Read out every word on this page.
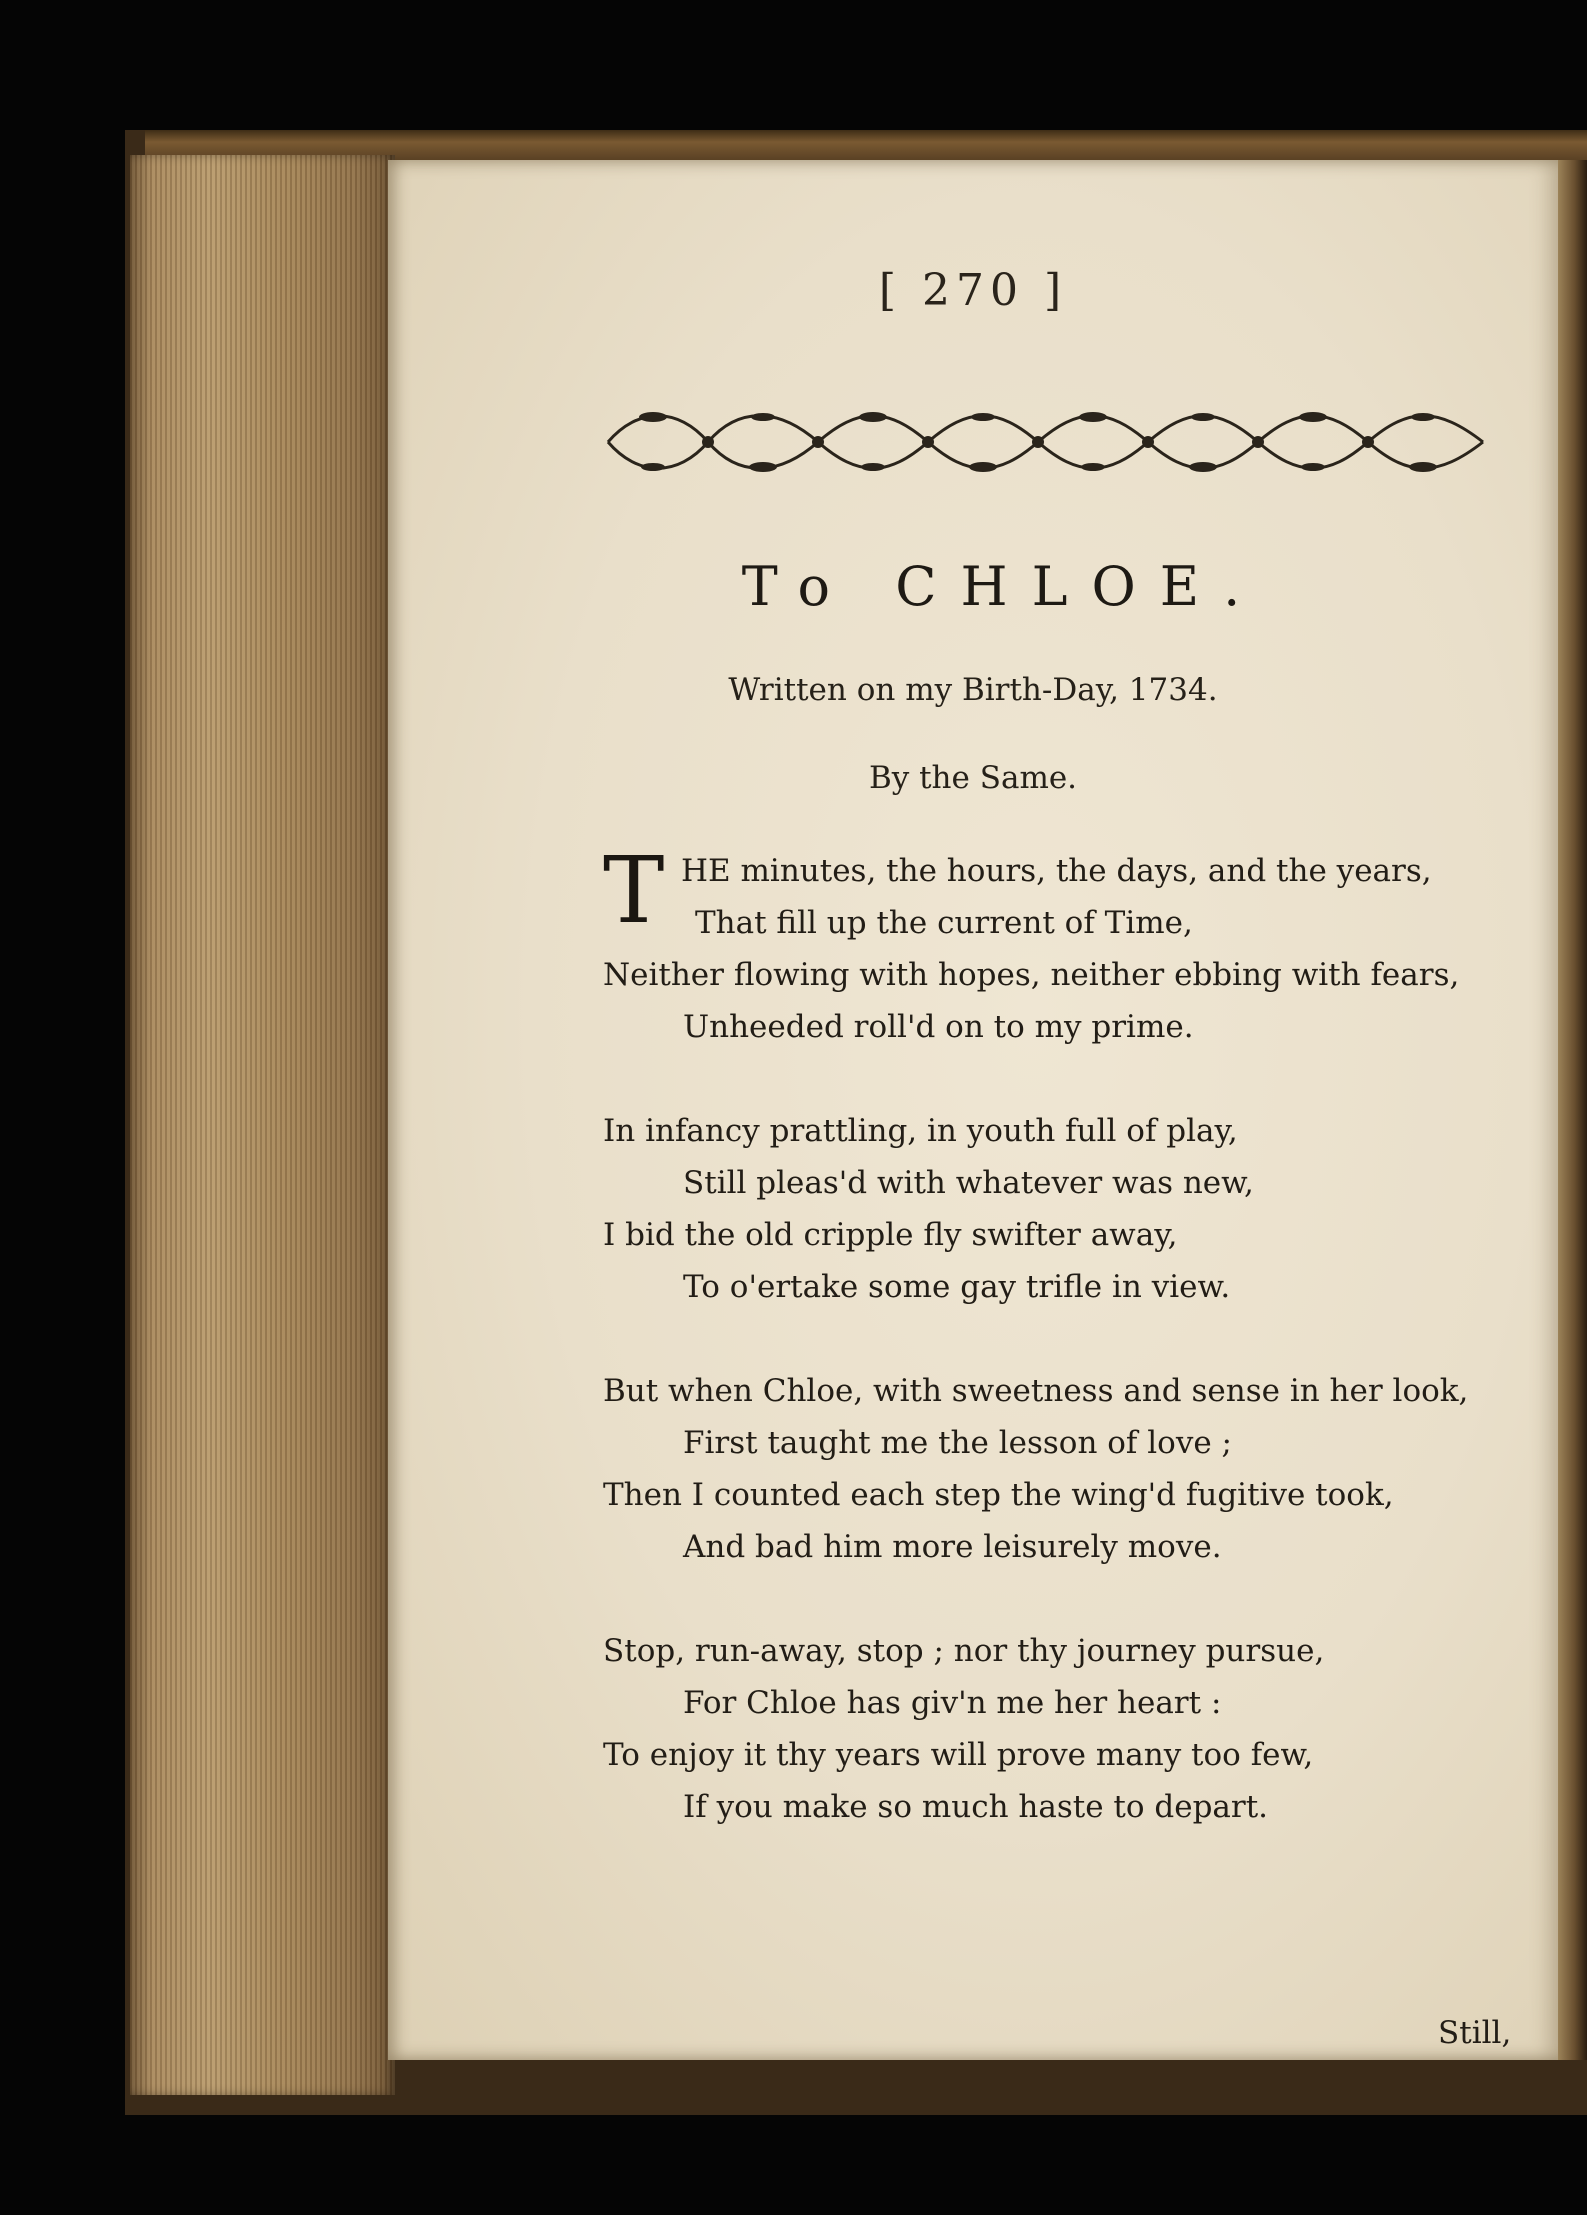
[ 270 ]
To CHLOE.
Written on my Birth-Day, 1734.
By the Same.
T HE minutes, the hours, the days, and the years,
That fill up the current of Time,
Neither flowing with hopes, neither ebbing with fears,
Unheeded roll'd on to my prime.
In infancy prattling, in youth full of play,
Still pleas'd with whatever was new,
I bid the old cripple fly swifter away,
To o'ertake some gay trifle in view.
But when Chloe, with sweetness and sense in her look,
First taught me the lesson of love ;
Then I counted each step the wing'd fugitive took,
And bad him more leisurely move.
Stop, run-away, stop ; nor thy journey pursue,
For Chloe has giv'n me her heart :
To enjoy it thy years will prove many too few,
If you make so much haste to depart.
Still,
